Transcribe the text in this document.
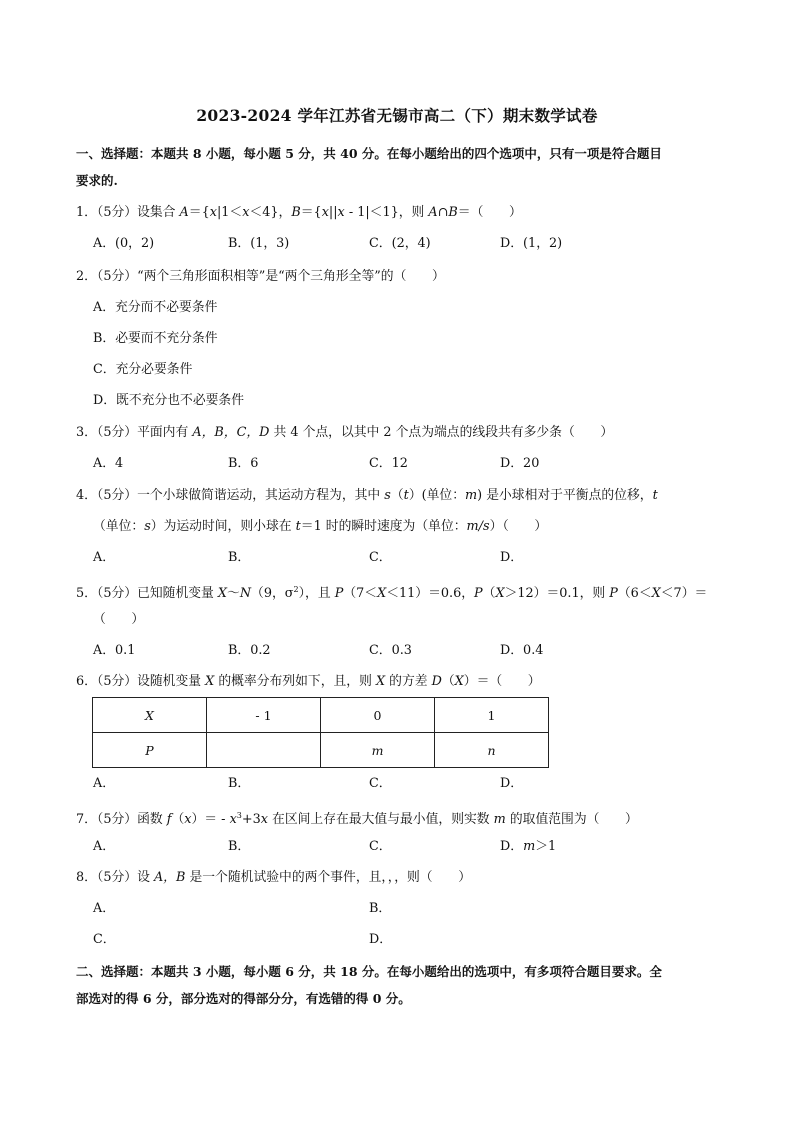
2023-2024 学年江苏省无锡市高二（下）期末数学试卷
一、选择题：本题共 8 小题，每小题 5 分，共 40 分。在每小题给出的四个选项中，只有一项是符合题目
要求的.
1．（5分）设集合 A＝{x|1＜x＜4}，B＝{x||x - 1|＜1}，则 A∩B＝（　　）
A．(0，2)	B．(1，3)	C．(2，4)	D．(1，2)
2．（5分）“两个三角形面积相等”是“两个三角形全等”的（　　）
A．充分而不必要条件
B．必要而不充分条件
C．充分必要条件
D．既不充分也不必要条件
3．（5分）平面内有 A，B，C，D 共 4 个点，以其中 2 个点为端点的线段共有多少条（　　）
A．4	B．6	C．12	D．20
4．（5分）一个小球做简谐运动，其运动方程为，其中 s（t）(单位：m) 是小球相对于平衡点的位移，t
（单位：s）为运动时间，则小球在 t＝1 时的瞬时速度为（单位：m/s）（　　）
A．	B．	C．	D．
5．（5分）已知随机变量 X～N（9，$\sigma^2$），且 P（7＜X＜11）＝0.6，P（X＞12）＝0.1，则 P（6＜X＜7）＝
（　　）
A．0.1	B．0.2	C．0.3	D．0.4
6．（5分）设随机变量 X 的概率分布列如下，且，则 X 的方差 D（X）＝（　　）
X	- 1	0	1
P		m	n
A．	B．	C．	D．
7．（5分）函数 $f(x)= - x^3+3x$ 在区间上存在最大值与最小值，则实数 m 的取值范围为（　　）
A．	B．	C．	D．m＞1
8．（5分）设 A，B 是一个随机试验中的两个事件，且，，，则（　　）
A．	B．
C．	D．
二、选择题：本题共 3 小题，每小题 6 分，共 18 分。在每小题给出的选项中，有多项符合题目要求。全
部选对的得 6 分，部分选对的得部分分，有选错的得 0 分。
